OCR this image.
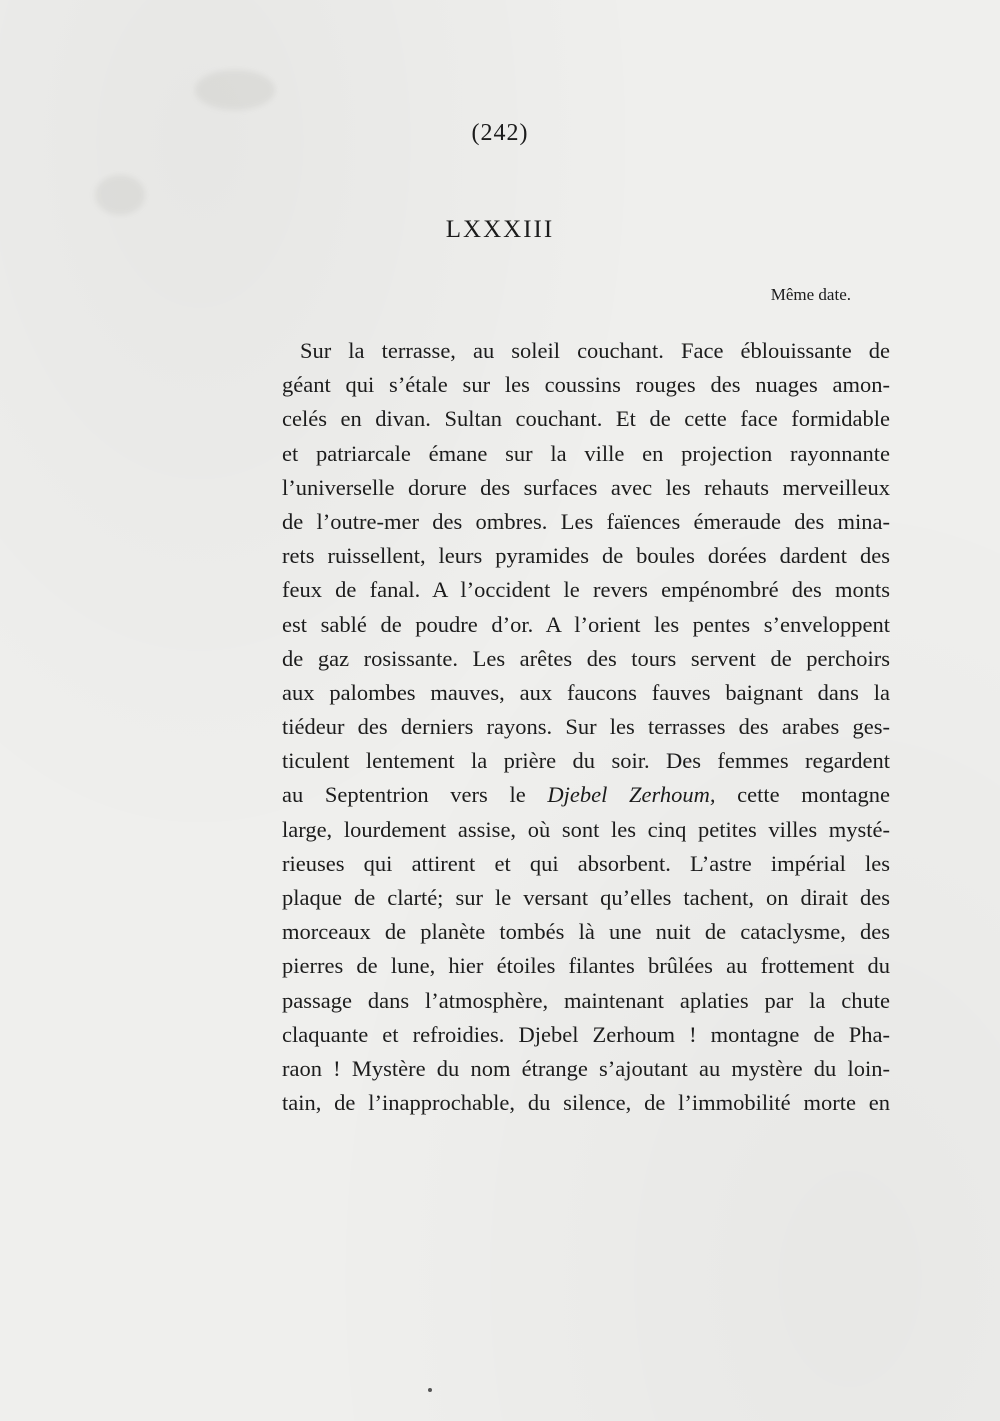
(242)
LXXXIII
Même date.
Sur la terrasse, au soleil couchant. Face éblouissante de
géant qui s’étale sur les coussins rouges des nuages amon-
celés en divan. Sultan couchant. Et de cette face formidable
et patriarcale émane sur la ville en projection rayonnante
l’universelle dorure des surfaces avec les rehauts merveilleux
de l’outre-mer des ombres. Les faïences émeraude des mina-
rets ruissellent, leurs pyramides de boules dorées dardent des
feux de fanal. A l’occident le revers empénombré des monts
est sablé de poudre d’or. A l’orient les pentes s’enveloppent
de gaz rosissante. Les arêtes des tours servent de perchoirs
aux palombes mauves, aux faucons fauves baignant dans la
tiédeur des derniers rayons. Sur les terrasses des arabes ges-
ticulent lentement la prière du soir. Des femmes regardent
au Septentrion vers le Djebel Zerhoum, cette montagne
large, lourdement assise, où sont les cinq petites villes mysté-
rieuses qui attirent et qui absorbent. L’astre impérial les
plaque de clarté; sur le versant qu’elles tachent, on dirait des
morceaux de planète tombés là une nuit de cataclysme, des
pierres de lune, hier étoiles filantes brûlées au frottement du
passage dans l’atmosphère, maintenant aplaties par la chute
claquante et refroidies. Djebel Zerhoum ! montagne de Pha-
raon ! Mystère du nom étrange s’ajoutant au mystère du loin-
tain, de l’inapprochable, du silence, de l’immobilité morte en
